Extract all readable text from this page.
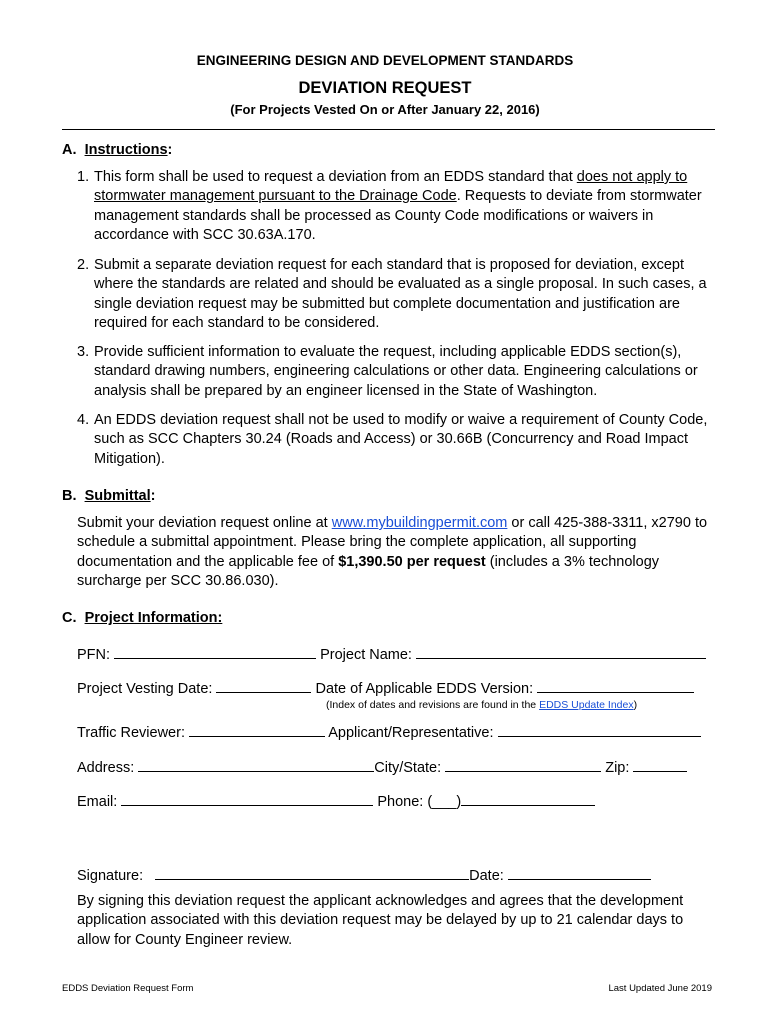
ENGINEERING DESIGN AND DEVELOPMENT STANDARDS
DEVIATION REQUEST
(For Projects Vested On or After January 22, 2016)
A. Instructions:
1. This form shall be used to request a deviation from an EDDS standard that does not apply to stormwater management pursuant to the Drainage Code. Requests to deviate from stormwater management standards shall be processed as County Code modifications or waivers in accordance with SCC 30.63A.170.
2. Submit a separate deviation request for each standard that is proposed for deviation, except where the standards are related and should be evaluated as a single proposal. In such cases, a single deviation request may be submitted but complete documentation and justification are required for each standard to be considered.
3. Provide sufficient information to evaluate the request, including applicable EDDS section(s), standard drawing numbers, engineering calculations or other data. Engineering calculations or analysis shall be prepared by an engineer licensed in the State of Washington.
4. An EDDS deviation request shall not be used to modify or waive a requirement of County Code, such as SCC Chapters 30.24 (Roads and Access) or 30.66B (Concurrency and Road Impact Mitigation).
B. Submittal:
Submit your deviation request online at www.mybuildingpermit.com or call 425-388-3311, x2790 to schedule a submittal appointment. Please bring the complete application, all supporting documentation and the applicable fee of $1,390.50 per request (includes a 3% technology surcharge per SCC 30.86.030).
C. Project Information:
PFN:	Project Name:
Project Vesting Date:	Date of Applicable EDDS Version:
(Index of dates and revisions are found in the EDDS Update Index)
Traffic Reviewer:	Applicant/Representative:
Address:	City/State:	Zip:
Email:	Phone: (___)
Signature:	Date:
By signing this deviation request the applicant acknowledges and agrees that the development application associated with this deviation request may be delayed by up to 21 calendar days to allow for County Engineer review.
EDDS Deviation Request Form	Last Updated June 2019
